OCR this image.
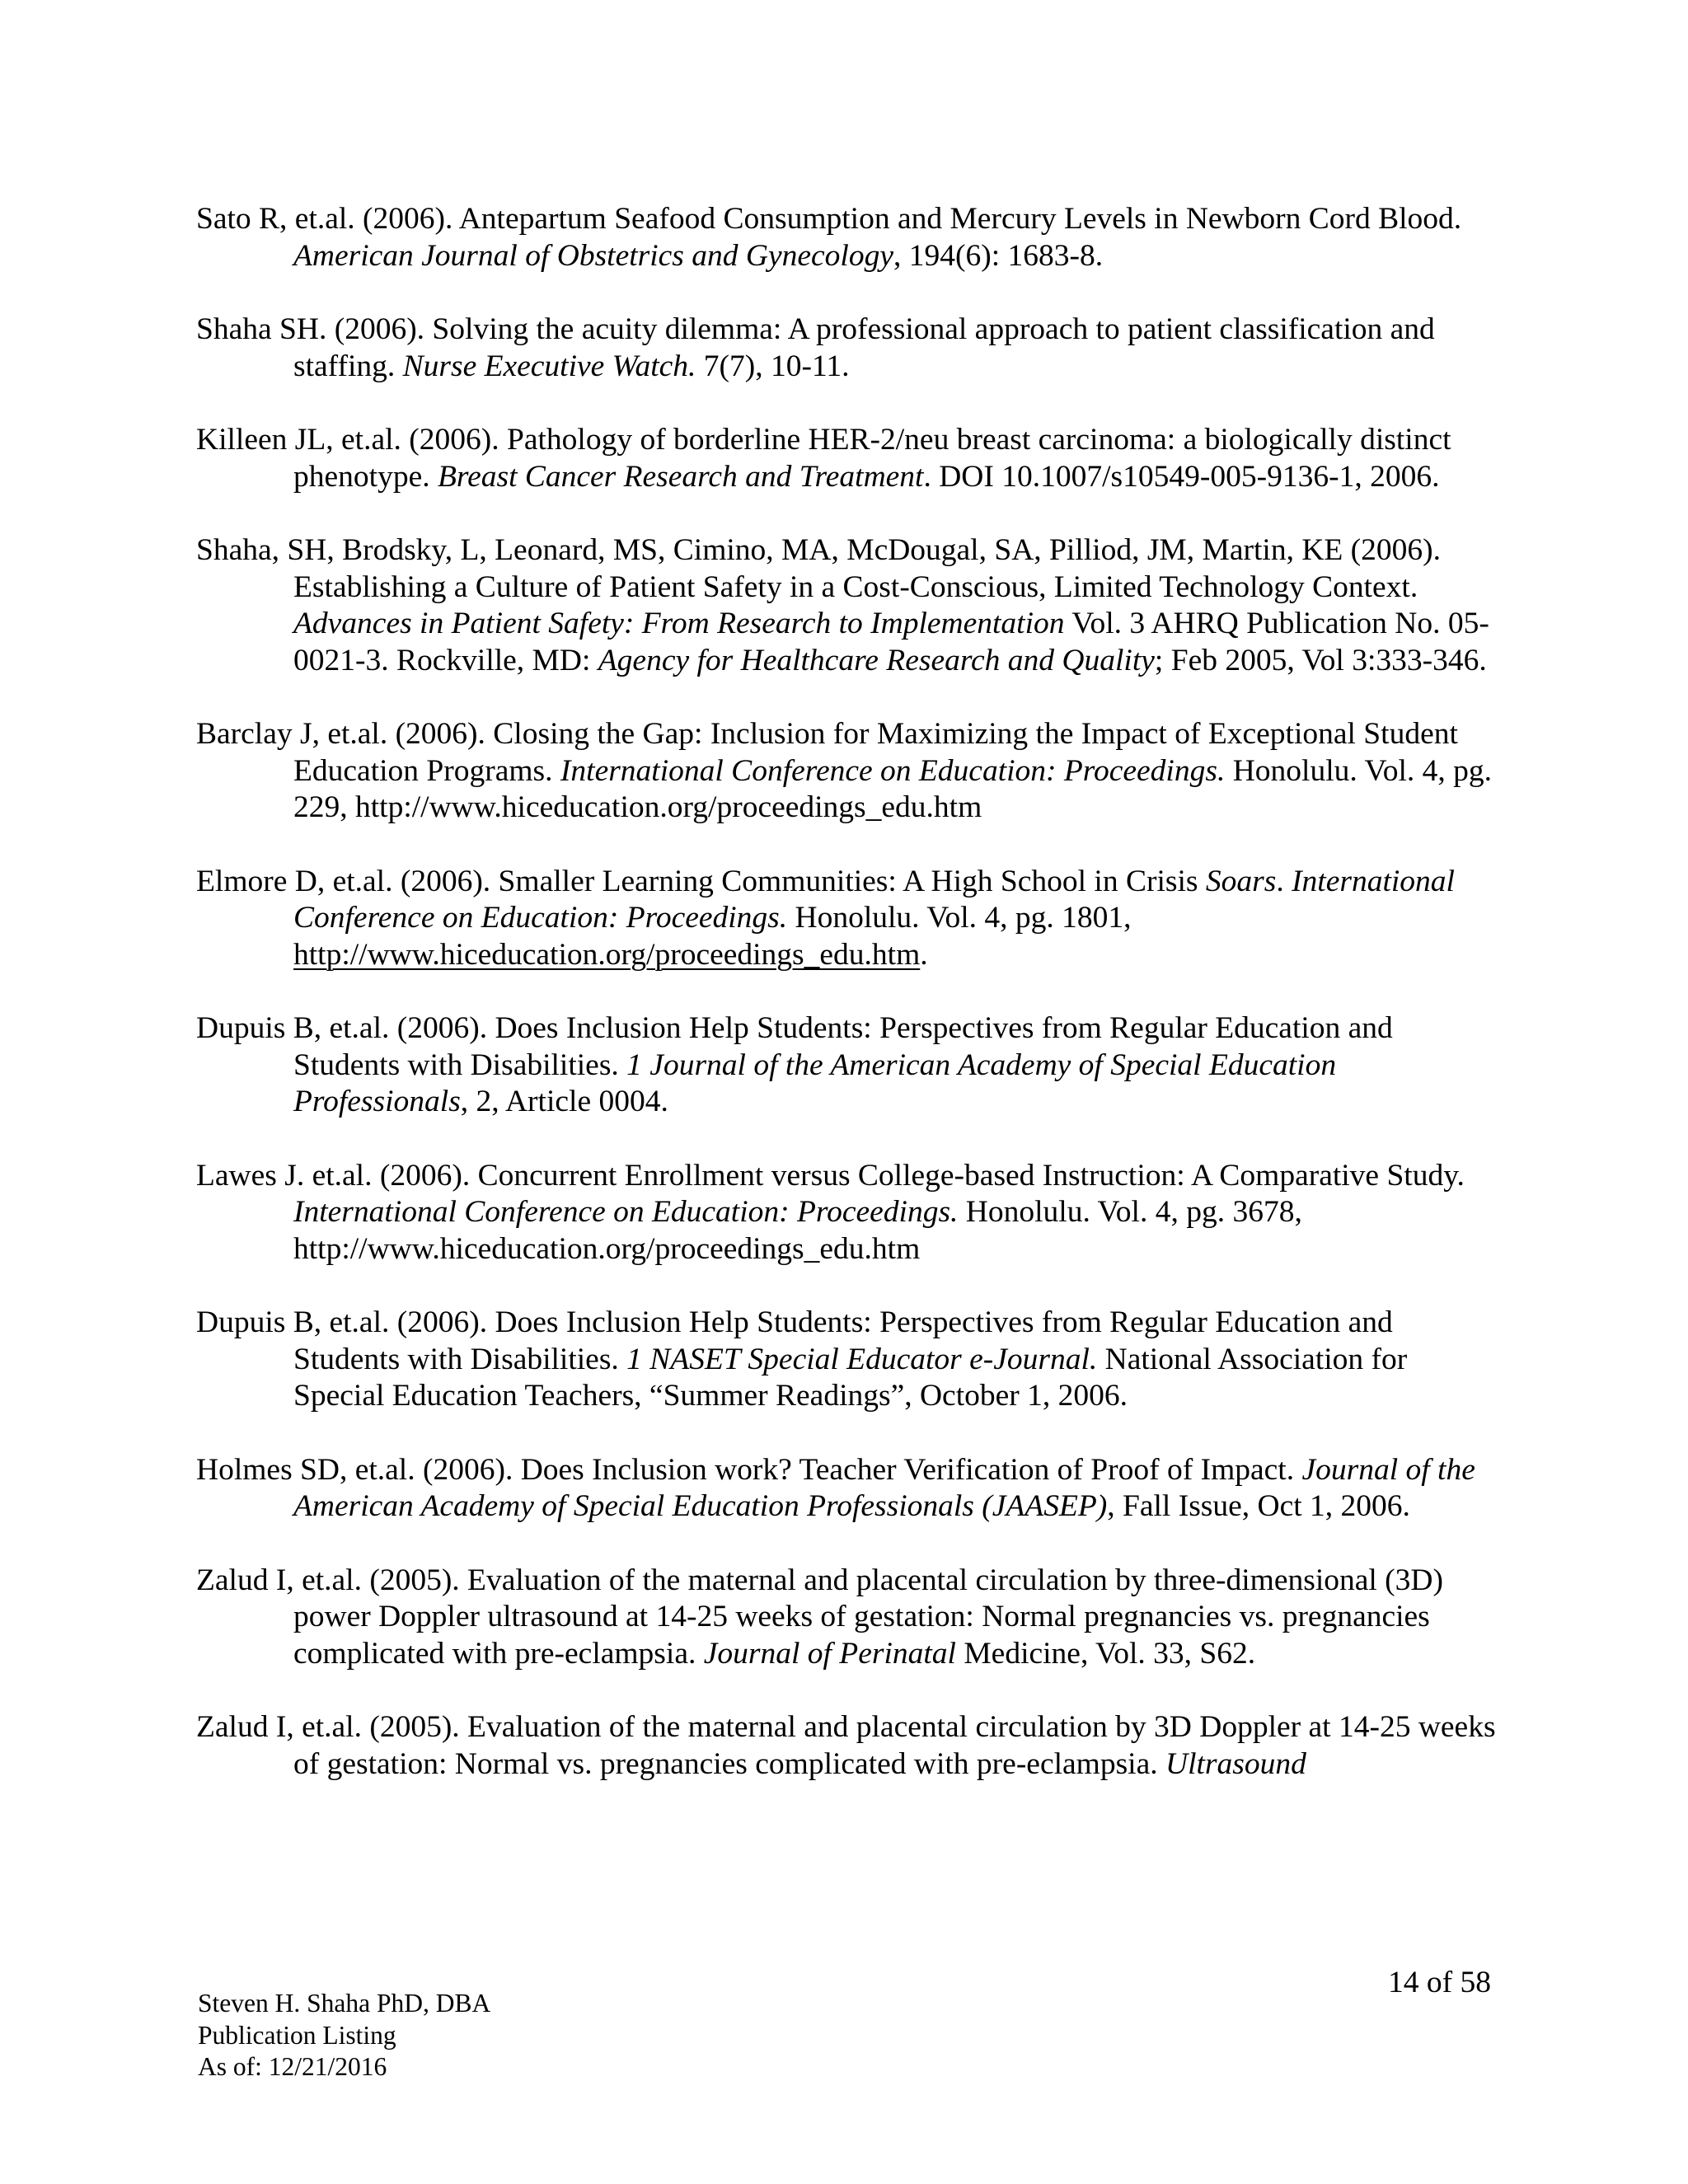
Sato R, et.al. (2006). Antepartum Seafood Consumption and Mercury Levels in Newborn Cord Blood. American Journal of Obstetrics and Gynecology, 194(6): 1683-8.
Shaha SH. (2006). Solving the acuity dilemma: A professional approach to patient classification and staffing. Nurse Executive Watch. 7(7), 10-11.
Killeen JL, et.al. (2006). Pathology of borderline HER-2/neu breast carcinoma: a biologically distinct phenotype. Breast Cancer Research and Treatment. DOI 10.1007/s10549-005-9136-1, 2006.
Shaha, SH, Brodsky, L, Leonard, MS, Cimino, MA, McDougal, SA, Pilliod, JM, Martin, KE (2006). Establishing a Culture of Patient Safety in a Cost-Conscious, Limited Technology Context. Advances in Patient Safety: From Research to Implementation Vol. 3 AHRQ Publication No. 05-0021-3. Rockville, MD: Agency for Healthcare Research and Quality; Feb 2005, Vol 3:333-346.
Barclay J, et.al. (2006). Closing the Gap: Inclusion for Maximizing the Impact of Exceptional Student Education Programs. International Conference on Education: Proceedings. Honolulu. Vol. 4, pg. 229, http://www.hiceducation.org/proceedings_edu.htm
Elmore D, et.al. (2006). Smaller Learning Communities: A High School in Crisis Soars. International Conference on Education: Proceedings. Honolulu. Vol. 4, pg. 1801, http://www.hiceducation.org/proceedings_edu.htm.
Dupuis B, et.al. (2006). Does Inclusion Help Students: Perspectives from Regular Education and Students with Disabilities. 1 Journal of the American Academy of Special Education Professionals, 2, Article 0004.
Lawes J. et.al. (2006). Concurrent Enrollment versus College-based Instruction: A Comparative Study. International Conference on Education: Proceedings. Honolulu. Vol. 4, pg. 3678, http://www.hiceducation.org/proceedings_edu.htm
Dupuis B, et.al. (2006). Does Inclusion Help Students: Perspectives from Regular Education and Students with Disabilities. 1 NASET Special Educator e-Journal. National Association for Special Education Teachers, “Summer Readings”, October 1, 2006.
Holmes SD, et.al. (2006). Does Inclusion work? Teacher Verification of Proof of Impact. Journal of the American Academy of Special Education Professionals (JAASEP), Fall Issue, Oct 1, 2006.
Zalud I, et.al. (2005). Evaluation of the maternal and placental circulation by three-dimensional (3D) power Doppler ultrasound at 14-25 weeks of gestation: Normal pregnancies vs. pregnancies complicated with pre-eclampsia. Journal of Perinatal Medicine, Vol. 33, S62.
Zalud I, et.al. (2005). Evaluation of the maternal and placental circulation by 3D Doppler at 14-25 weeks of gestation: Normal vs. pregnancies complicated with pre-eclampsia. Ultrasound
14 of 58
Steven H. Shaha PhD, DBA
Publication Listing
As of: 12/21/2016
